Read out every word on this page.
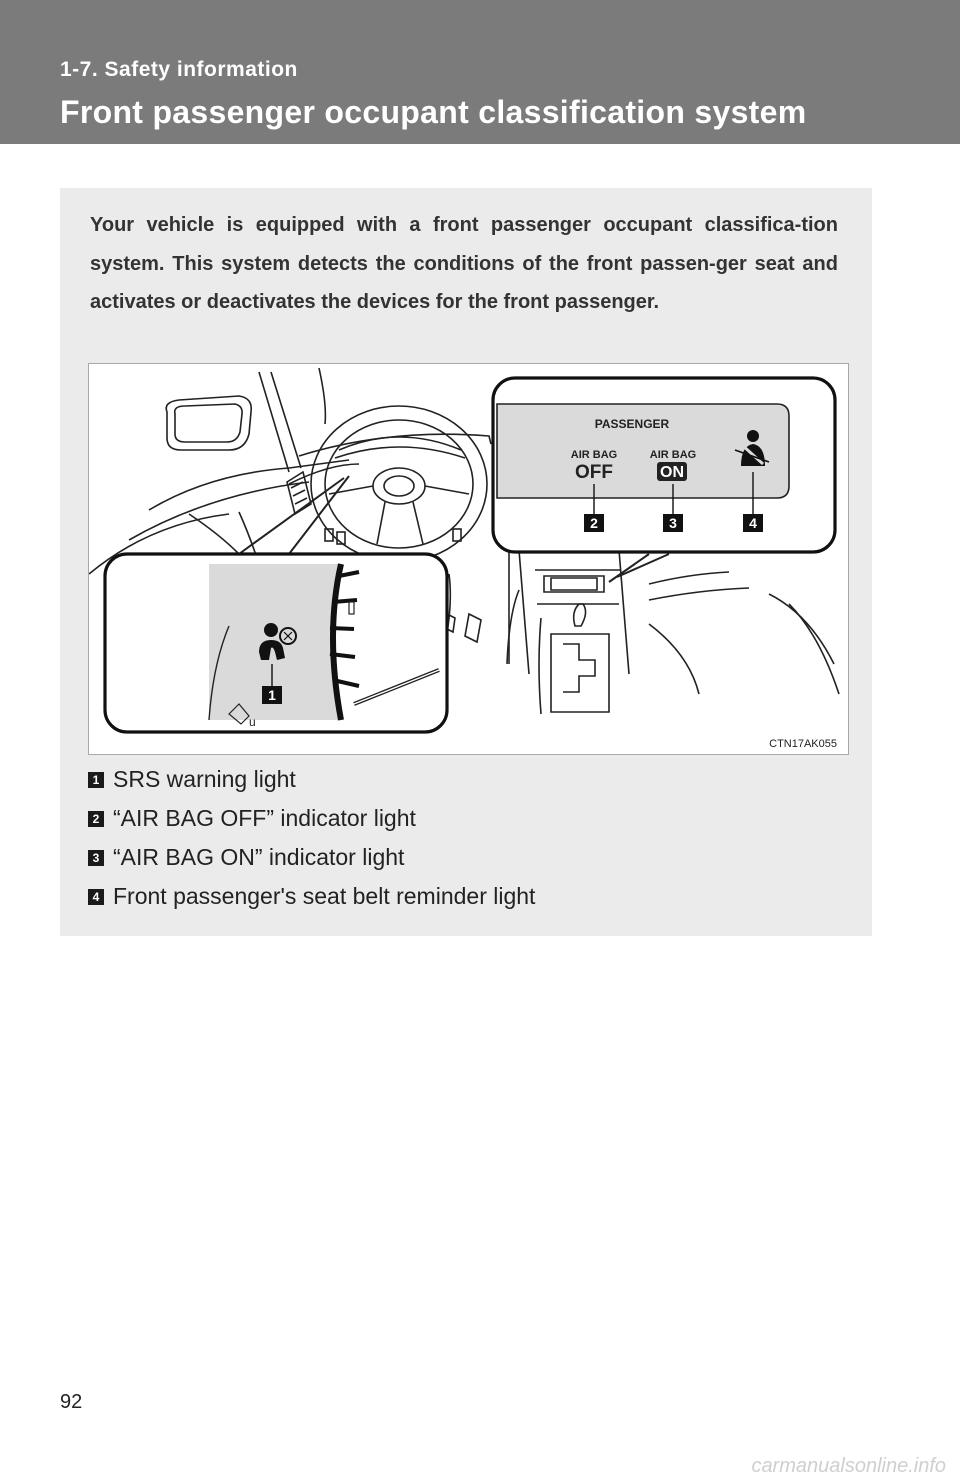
1-7. Safety information
Front passenger occupant classification system
Your vehicle is equipped with a front passenger occupant classifica-tion system. This system detects the conditions of the front passen-ger seat and activates or deactivates the devices for the front passenger.
u
1
PASSENGER
AIR BAG
OFF
AIR BAG
ON
2	3	4
CTN17AK055
1 SRS warning light
2 “AIR BAG OFF” indicator light
3 “AIR BAG ON” indicator light
4 Front passenger's seat belt reminder light
92
carmanualsonline.info
